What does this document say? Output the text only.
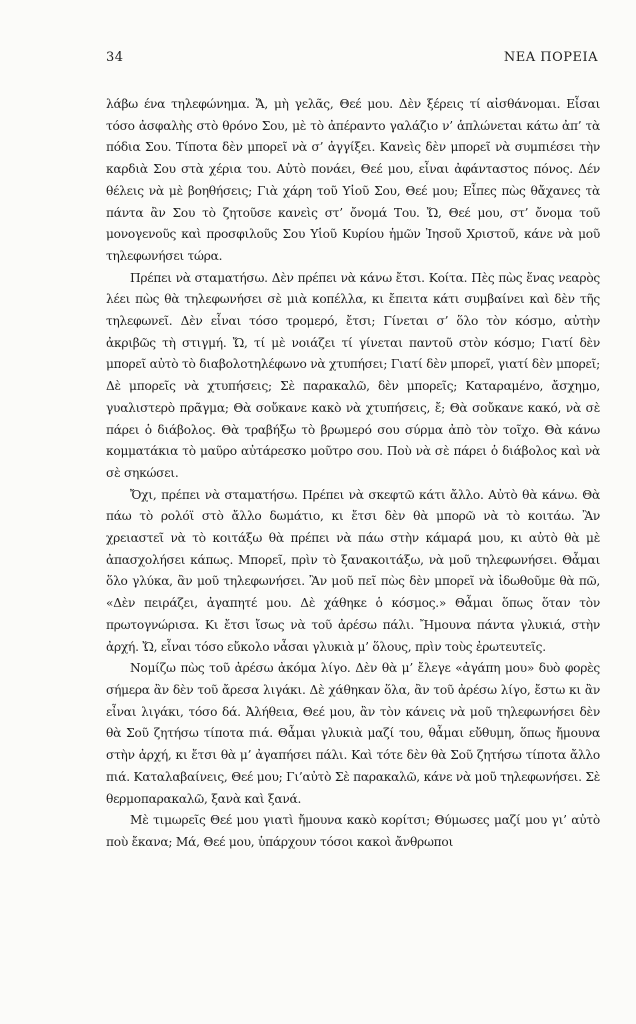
34	ΝΕΑ ΠΟΡΕΙΑ

λάβω ένα τηλεφώνημα. Ἄ, μὴ γελᾶς, Θεέ μου. Δὲν ξέρεις τί αἰσθάνομαι. Εἶσαι τόσο ἀσφαλὴς στὸ θρόνο Σου, μὲ τὸ ἀπέραντο γαλάζιο ν’ ἁπλώνεται κάτω ἀπ’ τὰ πόδια Σου. Τίποτα δὲν μπορεῖ νὰ σ’ ἀγγίξει. Κανεὶς δὲν μπορεῖ νὰ συμπιέσει τὴν καρδιὰ Σου στὰ χέρια του. Αὐτὸ πονάει, Θεέ μου, εἶναι ἀφάνταστος πόνος. Δέν θέλεις νὰ μὲ βοηθήσεις; Γιὰ χάρη τοῦ Υἱοῦ Σου, Θεέ μου; Εἶπες πὼς θἄχανες τὰ πάντα ἂν Σου τὸ ζητοῦσε κανεὶς στ’ ὄνομά Του. Ὤ, Θεέ μου, στ’ ὄνομα τοῦ μονογενοῦς καὶ προσφιλοῦς Σου Υἱοῦ Κυρίου ἡμῶν Ἰησοῦ Χριστοῦ, κάνε νὰ μοῦ τηλεφωνήσει τώρα.

Πρέπει νὰ σταματήσω. Δὲν πρέπει νὰ κάνω ἔτσι. Κοίτα. Πὲς πὼς ἕνας νεαρὸς λέει πὼς θὰ τηλεφωνήσει σὲ μιὰ κοπέλλα, κι ἔπειτα κάτι συμβαίνει καὶ δὲν τῆς τηλεφωνεῖ. Δὲν εἶναι τόσο τρομερό, ἔτσι; Γίνεται σ’ ὅλο τὸν κόσμο, αὐτὴν ἀκριβῶς τὴ στιγμή. Ὤ, τί μὲ νοιάζει τί γίνεται παντοῦ στὸν κόσμο; Γιατί δὲν μπορεῖ αὐτὸ τὸ διαβολοτηλέφωνο νὰ χτυπήσει; Γιατί δὲν μπορεῖ, γιατί δὲν μπορεῖ; Δὲ μπορεῖς νὰ χτυπήσεις; Σὲ παρακαλῶ, δὲν μπορεῖς; Καταραμένο, ἄσχημο, γυαλιστερὸ πρᾶγμα; Θὰ σοὔκανε κακὸ νὰ χτυπήσεις, ἔ; Θὰ σοὔκανε κακό, νὰ σὲ πάρει ὁ διάβολος. Θὰ τραβήξω τὸ βρωμερό σου σύρμα ἀπὸ τὸν τοῖχο. Θὰ κάνω κομματάκια τὸ μαῦρο αὐτάρεσκο μοῦτρο σου. Ποὺ νὰ σὲ πάρει ὁ διάβολος καὶ νὰ σὲ σηκώσει.

Ὄχι, πρέπει νὰ σταματήσω. Πρέπει νὰ σκεφτῶ κάτι ἄλλο. Αὐτὸ θὰ κάνω. Θὰ πάω τὸ ρολόϊ στὸ ἄλλο δωμάτιο, κι ἔτσι δὲν θὰ μπορῶ νὰ τὸ κοιτάω. Ἂν χρειαστεῖ νὰ τὸ κοιτάξω θὰ πρέπει νὰ πάω στὴν κάμαρά μου, κι αὐτὸ θὰ μὲ ἀπασχολήσει κάπως. Μπορεῖ, πρὶν τὸ ξανακοιτάξω, νὰ μοῦ τηλεφωνήσει. Θἆμαι ὅλο γλύκα, ἂν μοῦ τηλεφωνήσει. Ἂν μοῦ πεῖ πὼς δὲν μπορεῖ νὰ ἰδωθοῦμε θὰ πῶ, «Δὲν πειράζει, ἀγαπητέ μου. Δὲ χάθηκε ὁ κόσμος.» Θἆμαι ὅπως ὅταν τὸν πρωτογνώρισα. Κι ἔτσι ἴσως νὰ τοῦ ἀρέσω πάλι. Ἤμουνα πάντα γλυκιά, στὴν ἀρχή. Ὤ, εἶναι τόσο εὔκολο νἆσαι γλυκιὰ μ’ ὅλους, πρὶν τοὺς ἐρωτευτεῖς.

Νομίζω πὼς τοῦ ἀρέσω ἀκόμα λίγο. Δὲν θὰ μ’ ἔλεγε «ἀγάπη μου» δυὸ φορὲς σήμερα ἂν δὲν τοῦ ἄρεσα λιγάκι. Δὲ χάθηκαν ὅλα, ἂν τοῦ ἀρέσω λίγο, ἔστω κι ἂν εἶναι λιγάκι, τόσο δά. Ἀλήθεια, Θεέ μου, ἂν τὸν κάνεις νὰ μοῦ τηλεφωνήσει δὲν θὰ Σοῦ ζητήσω τίποτα πιά. Θἆμαι γλυκιὰ μαζί του, θἆμαι εὔθυμη, ὅπως ἤμουνα στὴν ἀρχή, κι ἔτσι θὰ μ’ ἀγαπήσει πάλι. Καὶ τότε δὲν θὰ Σοῦ ζητήσω τίποτα ἄλλο πιά. Καταλαβαίνεις, Θεέ μου; Γι’αὐτὸ Σὲ παρακαλῶ, κάνε νὰ μοῦ τηλεφωνήσει. Σὲ θερμοπαρακαλῶ, ξανὰ καὶ ξανά.

Μὲ τιμωρεῖς Θεέ μου γιατὶ ἤμουνα κακὸ κορίτσι; Θύμωσες μαζί μου γι’ αὐτὸ ποὺ ἔκανα; Μά, Θεέ μου, ὑπάρχουν τόσοι κακοὶ ἄνθρωποι
